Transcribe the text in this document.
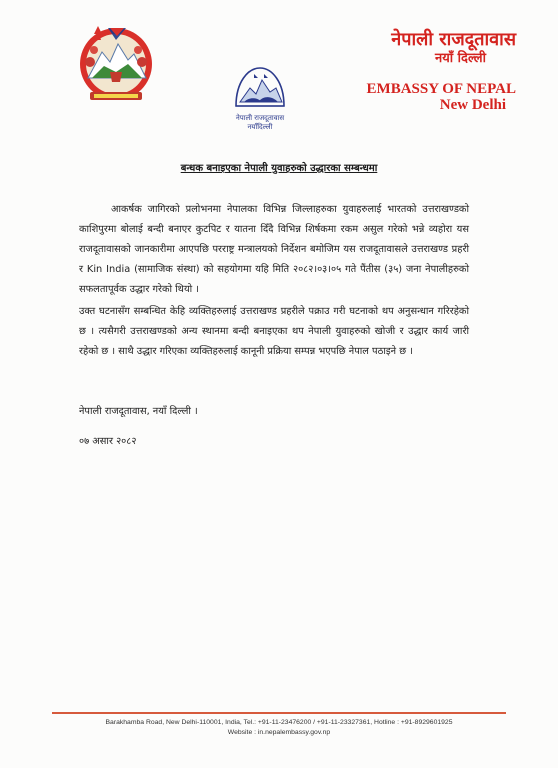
नेपाली राजदूतावास
नयाँदिल्ली
नेपाली राजदूतावास
नयाँ दिल्ली
EMBASSY OF NEPAL
New Delhi
बन्धक बनाइएका नेपाली युवाहरुको उद्धारका सम्बन्धमा
आकर्षक जागिरको प्रलोभनमा नेपालका विभिन्न जिल्लाहरुका युवाहरुलाई भारतको उत्तराखण्डको काशिपुरमा बोलाई बन्दी बनाएर कुटपिट र यातना दिँदै विभिन्न शिर्षकमा रकम असुल गरेको भन्ने व्यहोरा यस राजदूतावासको जानकारीमा आएपछि परराष्ट्र मन्त्रालयको निर्देशन बमोजिम यस राजदूतावासले उत्तराखण्ड प्रहरी र Kin India (सामाजिक संस्था) को सहयोगमा यहि मिति २०८२।०३।०५ गते पैंतीस (३५) जना नेपालीहरुको सफलतापूर्वक उद्धार गरेको थियो ।
उक्त घटनासँग सम्बन्धित केहि व्यक्तिहरुलाई उत्तराखण्ड प्रहरीले पक्राउ गरी घटनाको थप अनुसन्धान गरिरहेको छ । त्यसैगरी उत्तराखण्डको अन्य स्थानमा बन्दी बनाइएका थप नेपाली युवाहरुको खोजी र उद्धार कार्य जारी रहेको छ । साथै उद्धार गरिएका व्यक्तिहरुलाई कानूनी प्रक्रिया सम्पन्न भएपछि नेपाल पठाइने छ ।
नेपाली राजदूतावास, नयाँ दिल्ली ।
०७ असार २०८२
Barakhamba Road, New Delhi-110001, India, Tel.: +91-11-23476200 / +91-11-23327361, Hotline : +91-8929601925
Website : in.nepalembassy.gov.np
